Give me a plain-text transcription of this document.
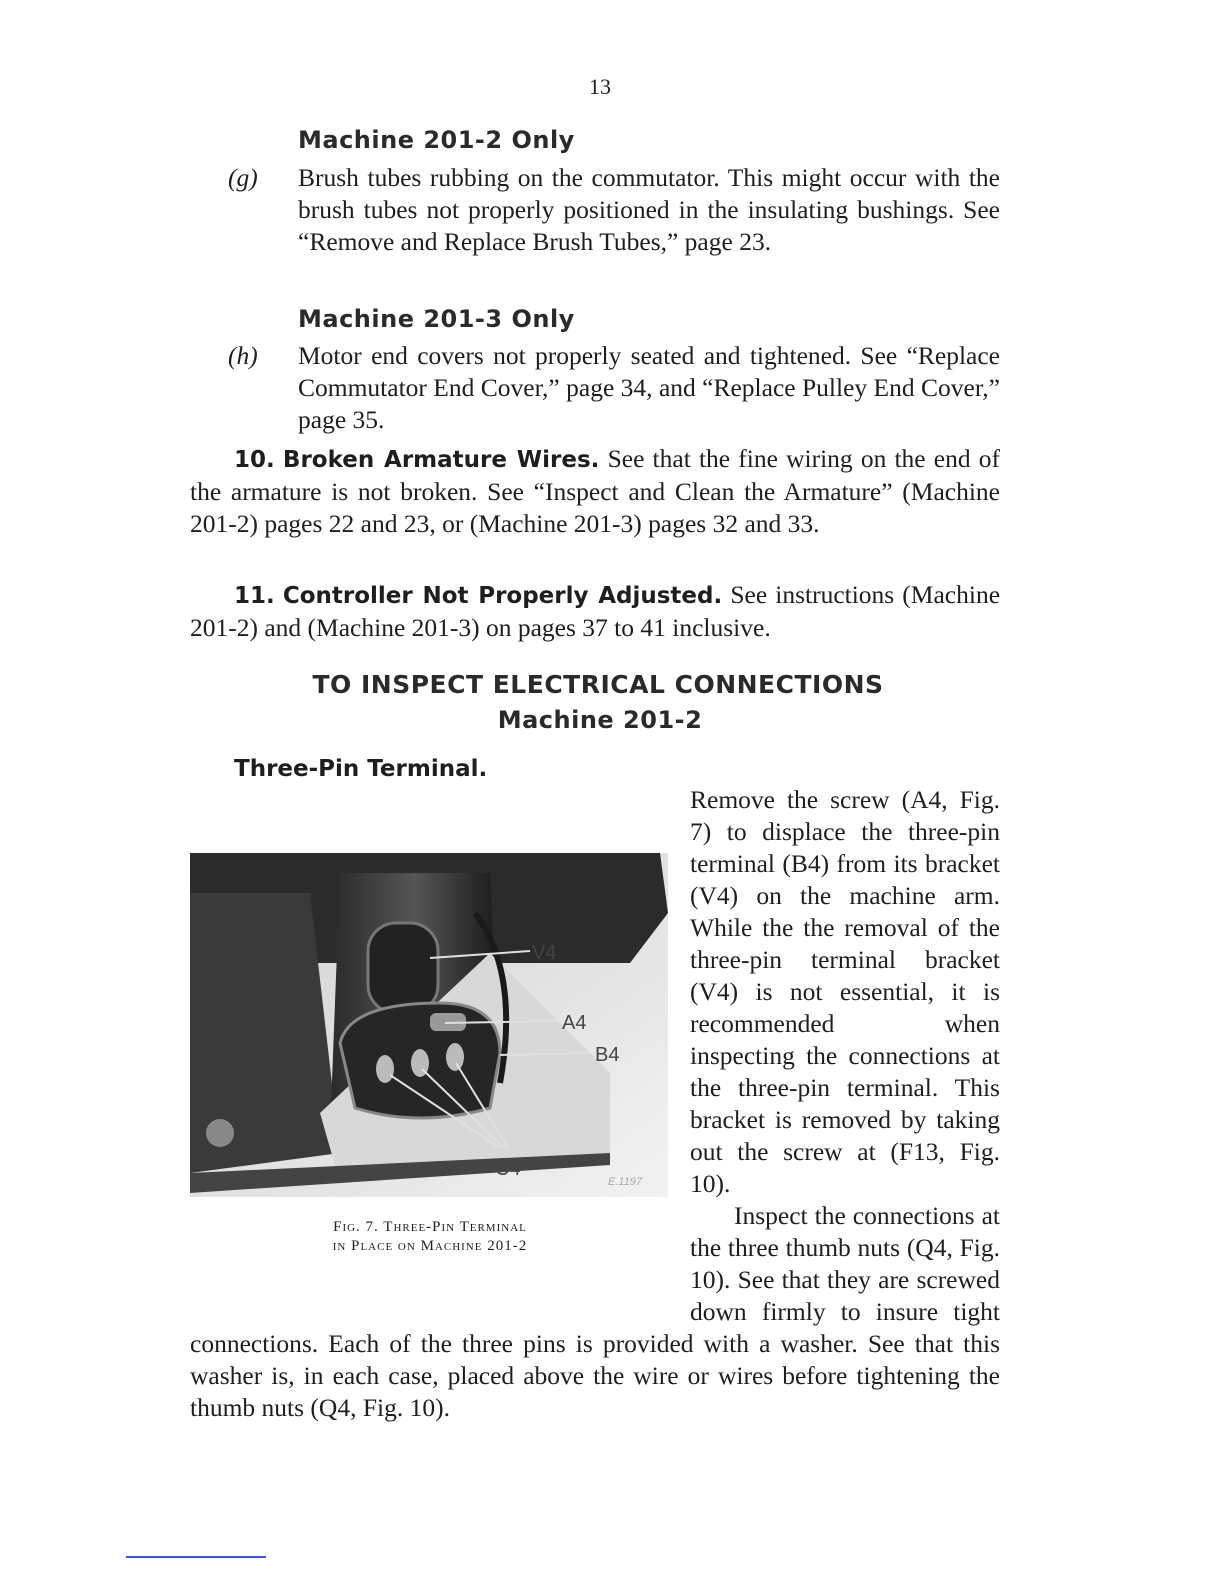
13
Machine 201-2 Only
(g) Brush tubes rubbing on the commutator. This might occur with the brush tubes not properly positioned in the insulating bushings. See “Remove and Replace Brush Tubes,” page 23.
Machine 201-3 Only
(h) Motor end covers not properly seated and tightened. See “Replace Commutator End Cover,” page 34, and “Replace Pulley End Cover,” page 35.
10. Broken Armature Wires. See that the fine wiring on the end of the armature is not broken. See “Inspect and Clean the Armature” (Machine 201-2) pages 22 and 23, or (Machine 201-3) pages 32 and 33.
11. Controller Not Properly Adjusted. See instructions (Machine 201-2) and (Machine 201-3) on pages 37 to 41 inclusive.
TO INSPECT ELECTRICAL CONNECTIONS
Machine 201-2
Three-Pin Terminal.
Remove the screw (A4, Fig. 7) to displace the three-pin terminal (B4) from its bracket (V4) on the machine arm. While the the removal of the three-pin terminal bracket (V4) is not essential, it is recommended when inspecting the connections at the three-pin terminal. This bracket is removed by taking out the screw at (F13, Fig. 10).
Inspect the connections at the three thumb nuts (Q4, Fig. 10). See that they are screwed down firmly to insure tight connections. Each of the three pins is provided with a washer. See that this washer is, in each case, placed above the wire or wires before tightening the thumb nuts (Q4, Fig. 10).
V4
A4
B4
C4
E.1197
Fig. 7. Three-Pin Terminal
in Place on Machine 201-2
